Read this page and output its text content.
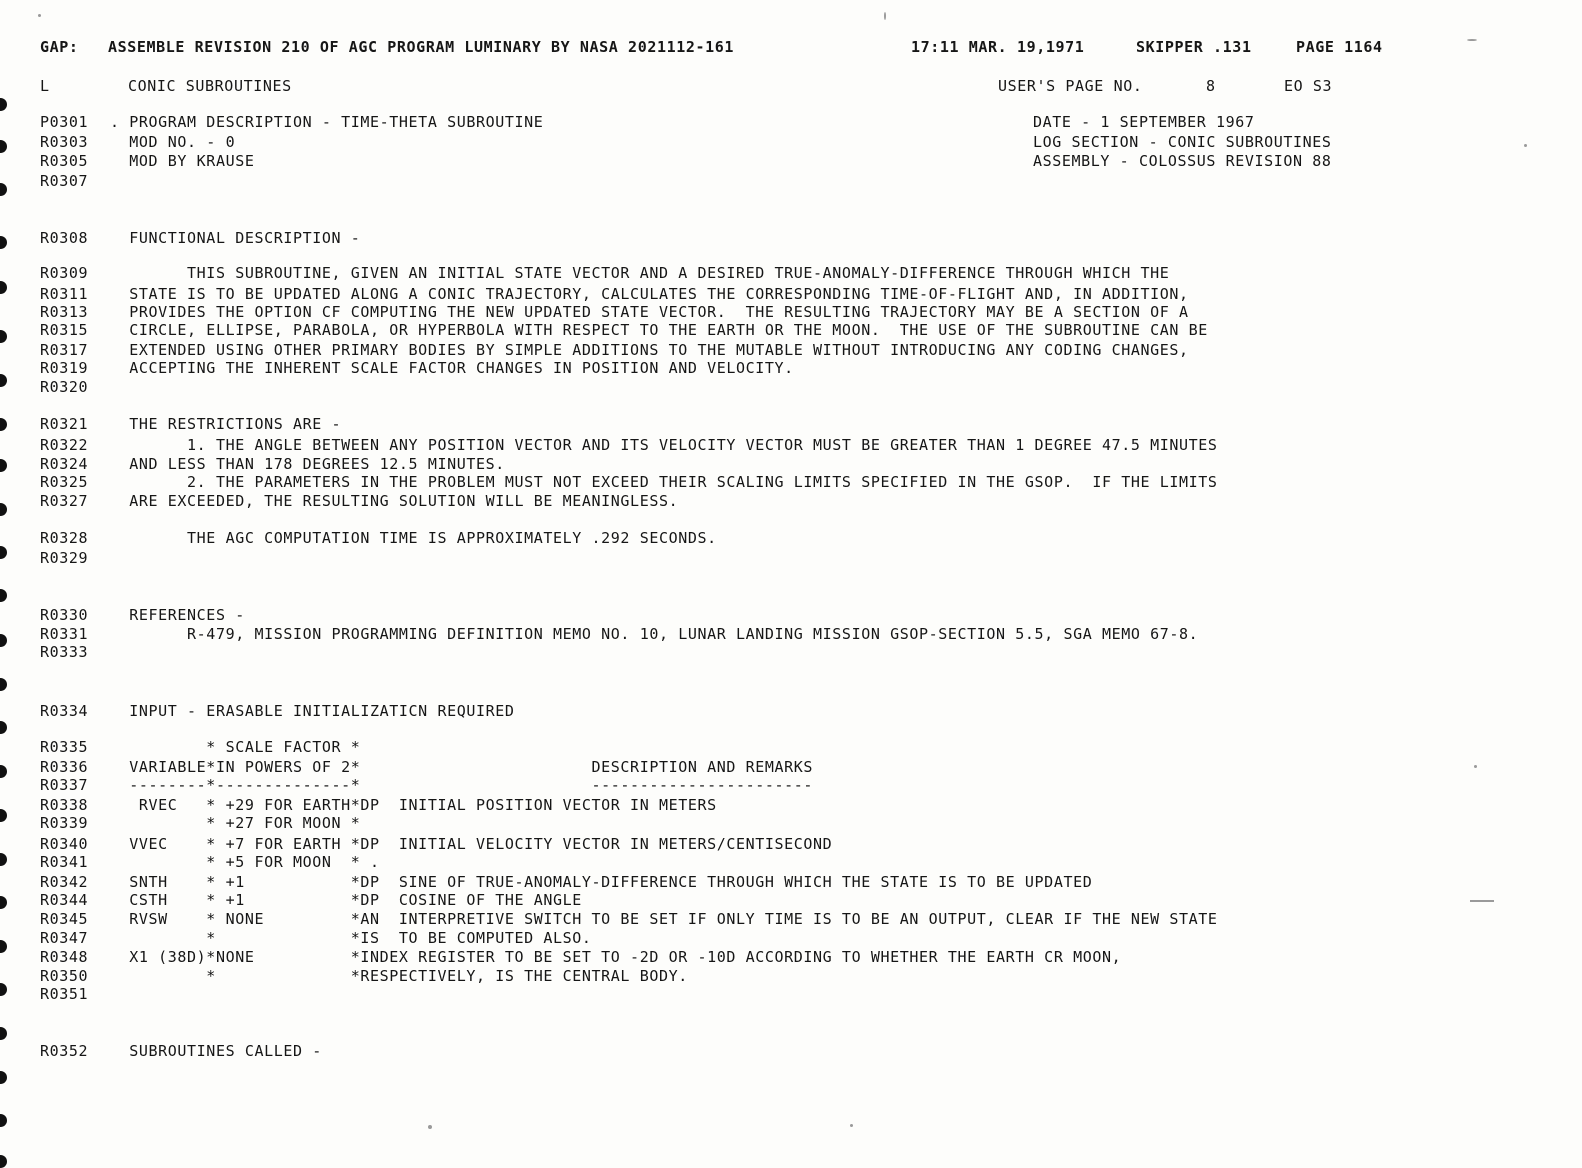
GAP: ASSEMBLE REVISION 210 OF AGC PROGRAM LUMINARY BY NASA 2021112-161	17:11 MAR. 19,1971	SKIPPER .131	PAGE 1164
L	CONIC SUBROUTINES	USER'S PAGE NO.	8	EO S3
P0301 . PROGRAM DESCRIPTION - TIME-THETA SUBROUTINE	DATE - 1 SEPTEMBER 1967
R0303 MOD NO. - 0	LOG SECTION - CONIC SUBROUTINES
R0305 MOD BY KRAUSE	ASSEMBLY - COLOSSUS REVISION 88
R0307
R0308 FUNCTIONAL DESCRIPTION -
R0309 THIS SUBROUTINE, GIVEN AN INITIAL STATE VECTOR AND A DESIRED TRUE-ANOMALY-DIFFERENCE THROUGH WHICH THE
R0311 STATE IS TO BE UPDATED ALONG A CONIC TRAJECTORY, CALCULATES THE CORRESPONDING TIME-OF-FLIGHT AND, IN ADDITION,
R0313 PROVIDES THE OPTION CF COMPUTING THE NEW UPDATED STATE VECTOR.  THE RESULTING TRAJECTORY MAY BE A SECTION OF A
R0315 CIRCLE, ELLIPSE, PARABOLA, OR HYPERBOLA WITH RESPECT TO THE EARTH OR THE MOON.  THE USE OF THE SUBROUTINE CAN BE
R0317 EXTENDED USING OTHER PRIMARY BODIES BY SIMPLE ADDITIONS TO THE MUTABLE WITHOUT INTRODUCING ANY CODING CHANGES,
R0319 ACCEPTING THE INHERENT SCALE FACTOR CHANGES IN POSITION AND VELOCITY.
R0320
R0321 THE RESTRICTIONS ARE -
R0322 1. THE ANGLE BETWEEN ANY POSITION VECTOR AND ITS VELOCITY VECTOR MUST BE GREATER THAN 1 DEGREE 47.5 MINUTES
R0324 AND LESS THAN 178 DEGREES 12.5 MINUTES.
R0325 2. THE PARAMETERS IN THE PROBLEM MUST NOT EXCEED THEIR SCALING LIMITS SPECIFIED IN THE GSOP.  IF THE LIMITS
R0327 ARE EXCEEDED, THE RESULTING SOLUTION WILL BE MEANINGLESS.
R0328 THE AGC COMPUTATION TIME IS APPROXIMATELY .292 SECONDS.
R0329
R0330 REFERENCES -
R0331 R-479, MISSION PROGRAMMING DEFINITION MEMO NO. 10, LUNAR LANDING MISSION GSOP-SECTION 5.5, SGA MEMO 67-8.
R0333
R0334 INPUT - ERASABLE INITIALIZATICN REQUIRED
R0335 * SCALE FACTOR *
R0336 VARIABLE*IN POWERS OF 2*                        DESCRIPTION AND REMARKS
R0337 --------*--------------*                        -----------------------
R0338 RVEC   * +29 FOR EARTH*DP  INITIAL POSITION VECTOR IN METERS
R0339 * +27 FOR MOON *
R0340 VVEC    * +7 FOR EARTH *DP  INITIAL VELOCITY VECTOR IN METERS/CENTISECOND
R0341 * +5 FOR MOON  * .
R0342 SNTH    * +1           *DP  SINE OF TRUE-ANOMALY-DIFFERENCE THROUGH WHICH THE STATE IS TO BE UPDATED
R0344 CSTH    * +1           *DP  COSINE OF THE ANGLE
R0345 RVSW    * NONE         *AN  INTERPRETIVE SWITCH TO BE SET IF ONLY TIME IS TO BE AN OUTPUT, CLEAR IF THE NEW STATE
R0347 *              *IS  TO BE COMPUTED ALSO.
R0348 X1 (38D)*NONE          *INDEX REGISTER TO BE SET TO -2D OR -10D ACCORDING TO WHETHER THE EARTH CR MOON,
R0350 *              *RESPECTIVELY, IS THE CENTRAL BODY.
R0351
R0352 SUBROUTINES CALLED -
